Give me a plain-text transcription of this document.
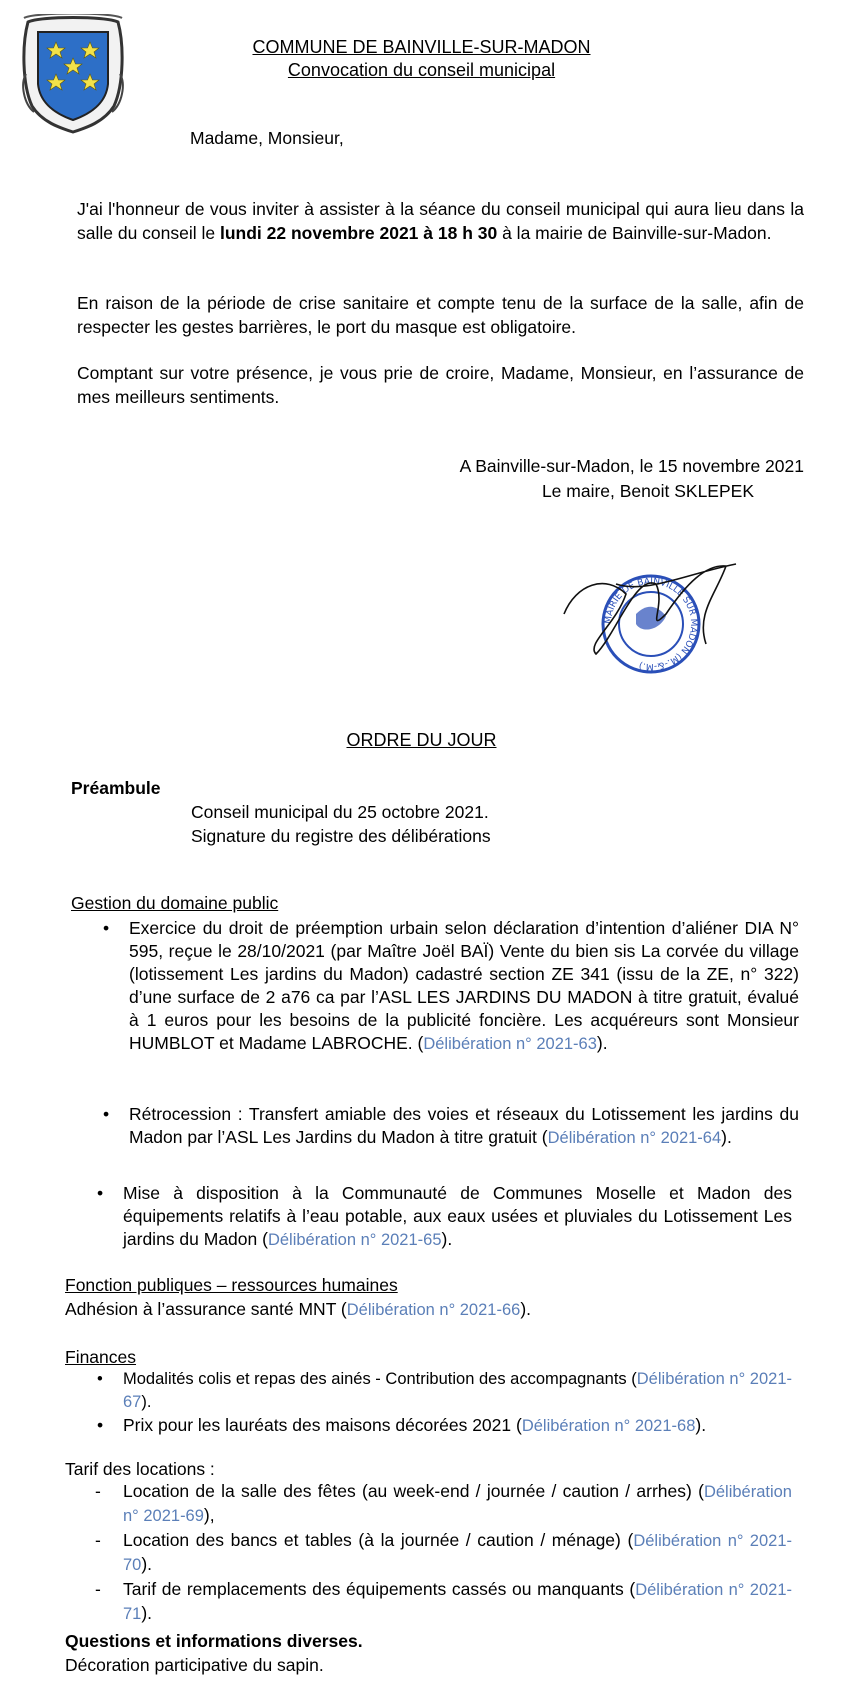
COMMUNE DE BAINVILLE-SUR-MADON
Convocation du conseil municipal
Madame, Monsieur,

J'ai l'honneur de vous inviter à assister à la séance du conseil municipal qui aura lieu dans la salle du conseil le lundi 22 novembre 2021 à 18 h 30 à la mairie de Bainville-sur-Madon.

En raison de la période de crise sanitaire et compte tenu de la surface de la salle, afin de respecter les gestes barrières, le port du masque est obligatoire.

Comptant sur votre présence, je vous prie de croire, Madame, Monsieur, en l’assurance de mes meilleurs sentiments.

A Bainville-sur-Madon, le 15 novembre 2021
Le maire, Benoit SKLEPEK
MAIRIE DE BAINVILLE SUR MADON (M.-&-M.)
ORDRE DU JOUR
Préambule
Conseil municipal du 25 octobre 2021.
Signature du registre des délibérations
Gestion du domaine public
• Exercice du droit de préemption urbain selon déclaration d’intention d’aliéner DIA N° 595, reçue le 28/10/2021 (par Maître Joël BAÏ) Vente du bien sis La corvée du village (lotissement Les jardins du Madon) cadastré section ZE 341 (issu de la ZE, n° 322) d’une surface de 2 a76 ca par l’ASL LES JARDINS DU MADON à titre gratuit, évalué à 1 euros pour les besoins de la publicité foncière. Les acquéreurs sont Monsieur HUMBLOT et Madame LABROCHE. (Délibération n° 2021-63).
• Rétrocession : Transfert amiable des voies et réseaux du Lotissement les jardins du Madon par l’ASL Les Jardins du Madon à titre gratuit (Délibération n° 2021-64).
• Mise à disposition à la Communauté de Communes Moselle et Madon des équipements relatifs à l’eau potable, aux eaux usées et pluviales du Lotissement Les jardins du Madon (Délibération n° 2021-65).
Fonction publiques – ressources humaines
Adhésion à l’assurance santé MNT (Délibération n° 2021-66).
Finances
• Modalités colis et repas des ainés - Contribution des accompagnants (Délibération n° 2021-67).
• Prix pour les lauréats des maisons décorées 2021 (Délibération n° 2021-68).
Tarif des locations :
- Location de la salle des fêtes (au week-end / journée / caution / arrhes) (Délibération n° 2021-69),
- Location des bancs et tables (à la journée / caution / ménage) (Délibération n° 2021-70).
- Tarif de remplacements des équipements cassés ou manquants (Délibération n° 2021-71).
Questions et informations diverses.
Décoration participative du sapin.
